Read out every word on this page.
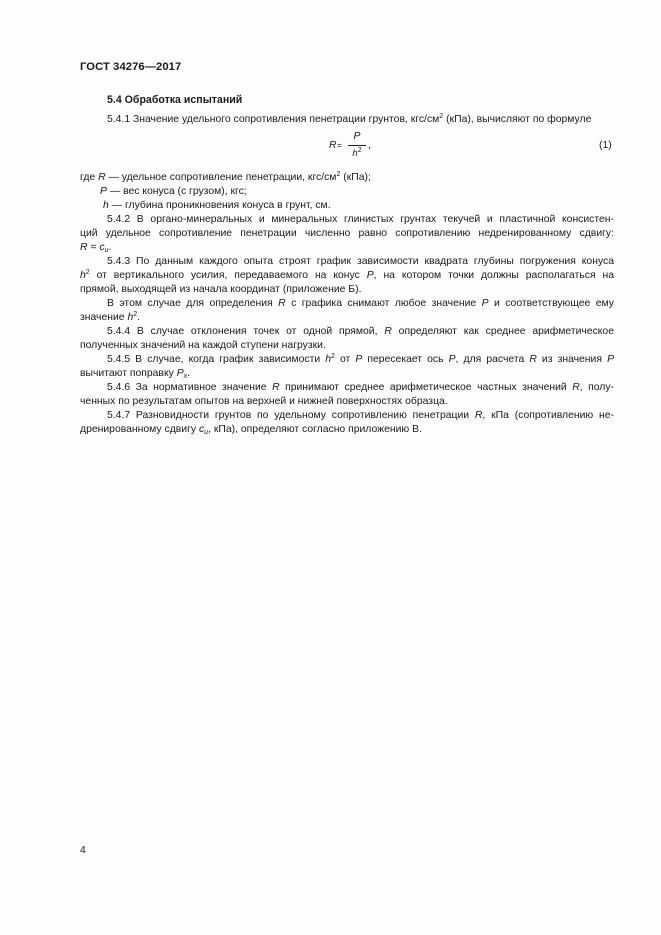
ГОСТ 34276—2017
5.4 Обработка испытаний
5.4.1 Значение удельного сопротивления пенетрации грунтов, кгс/$см^2$ (кПа), вычисляют по формуле
R =
P
$h^2$ ,	(1)
где R — удельное сопротивление пенетрации, кгс/$см^2$ (кПа);
P — вес конуса (с грузом), кгс;
h — глубина проникновения конуса в грунт, см.
5.4.2 В органо-минеральных и минеральных глинистых грунтах текучей и пластичной консистен-
ций удельное сопротивление пенетрации численно равно сопротивлению недренированному сдвигу:
$R = c_u$.
5.4.3 По данным каждого опыта строят график зависимости квадрата глубины погружения конуса
$h^2$ от вертикального усилия, передаваемого на конус P, на котором точки должны располагаться на
прямой, выходящей из начала координат (приложение Б).
В этом случае для определения R с графика снимают любое значение P и соответствующее ему
значение $h^2$.
5.4.4 В случае отклонения точек от одной прямой, R определяют как среднее арифметическое
полученных значений на каждой ступени нагрузки.
5.4.5 В случае, когда график зависимости $h^2$ от P пересекает ось P, для расчета R из значения P
вычитают поправку $P_x$.
5.4.6 За нормативное значение R принимают среднее арифметическое частных значений R, полу-
ченных по результатам опытов на верхней и нижней поверхностях образца.
5.4.7 Разновидности грунтов по удельному сопротивлению пенетрации R, кПа (сопротивлению не-
дренированному сдвигу $c_u$, кПа), определяют согласно приложению В.
4
